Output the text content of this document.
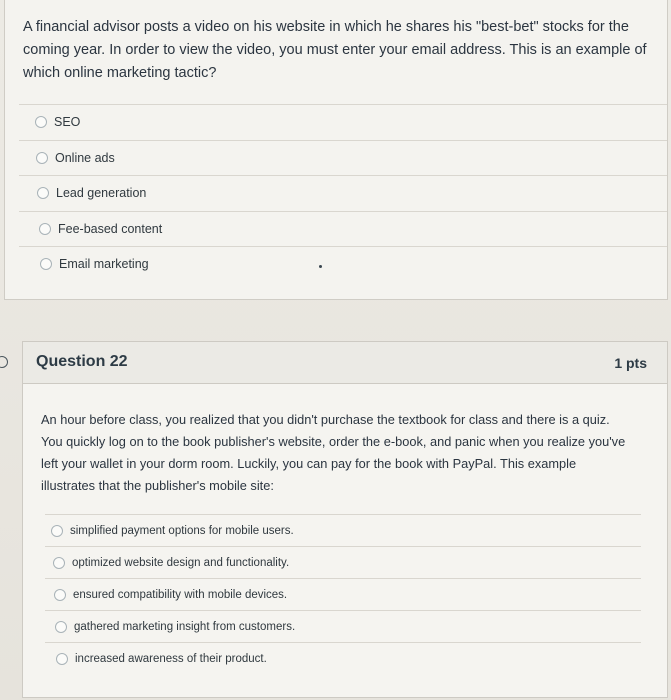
A financial advisor posts a video on his website in which he shares his "best-bet" stocks for the coming year. In order to view the video, you must enter your email address. This is an example of which online marketing tactic?

SEO
Online ads
Lead generation
Fee-based content
Email marketing
Question 22	1 pts

An hour before class, you realized that you didn't purchase the textbook for class and there is a quiz. You quickly log on to the book publisher's website, order the e-book, and panic when you realize you've left your wallet in your dorm room. Luckily, you can pay for the book with PayPal. This example illustrates that the publisher's mobile site:

simplified payment options for mobile users.
optimized website design and functionality.
ensured compatibility with mobile devices.
gathered marketing insight from customers.
increased awareness of their product.
